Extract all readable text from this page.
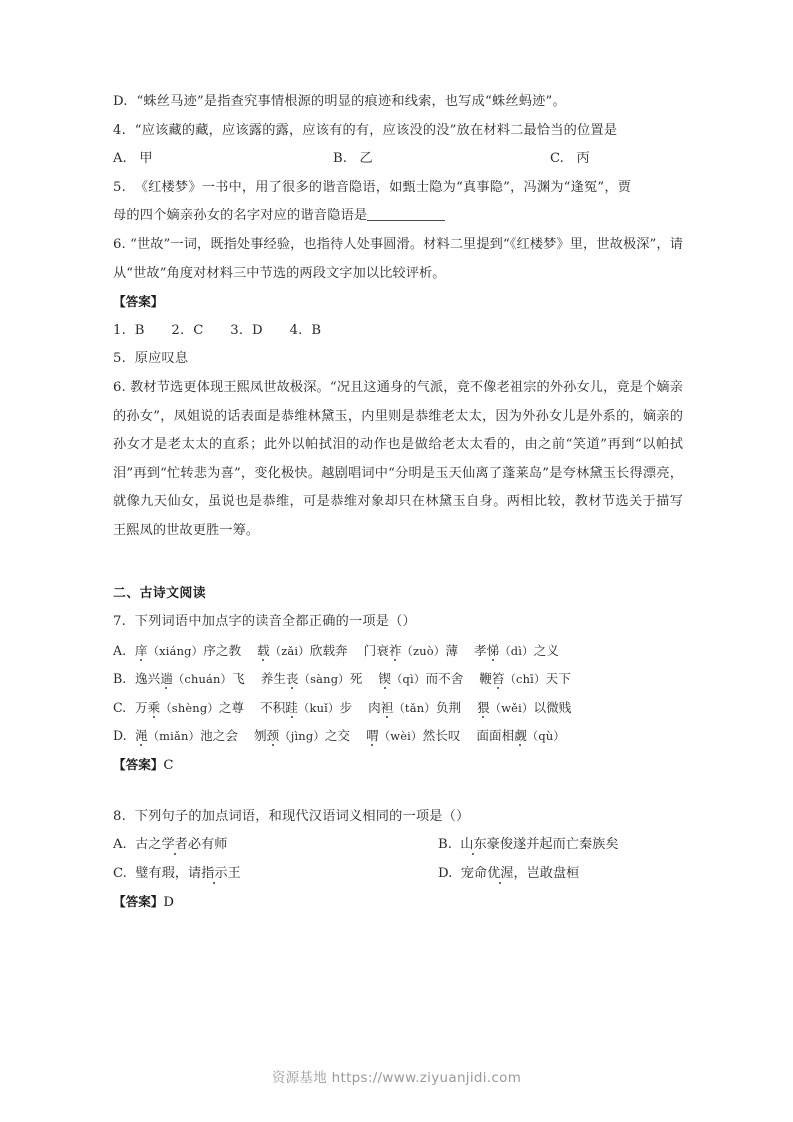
D.  “蛛丝马迹”是指查究事情根源的明显的痕迹和线索，也写成“蛛丝蚂迹”。
4.  “应该藏的藏，应该露的露，应该有的有，应该没的没”放在材料二最恰当的位置是
A. 甲	B. 乙	C. 丙
5.  《红楼梦》一书中，用了很多的谐音隐语，如甄士隐为“真事隐”，冯渊为“逢冤”，贾
母的四个嫡亲孙女的名字对应的谐音隐语是
6. “世故”一词，既指处事经验，也指待人处事圆滑。材料二里提到“《红楼梦》里，世故极深”，请从“世故”角度对材料三中节选的两段文字加以比较评析。
【答案】
1.  B　　2.  C　　3.  D　　4.  B
5.  原应叹息
6. 教材节选更体现王熙凤世故极深。“况且这通身的气派，竟不像老祖宗的外孙女儿，竟是个嫡亲的孙女”，凤姐说的话表面是恭维林黛玉，内里则是恭维老太太，因为外孙女儿是外系的，嫡亲的孙女才是老太太的直系；此外以帕拭泪的动作也是做给老太太看的，由之前“笑道”再到“以帕拭泪”再到“忙转悲为喜”，变化极快。越剧唱词中“分明是玉天仙离了蓬莱岛”是夸林黛玉长得漂亮，就像九天仙女，虽说也是恭维，可是恭维对象却只在林黛玉自身。两相比较，教材节选关于描写王熙凤的世故更胜一筹。
二、古诗文阅读
7.  下列词语中加点字的读音全都正确的一项是（）
A. 庠（xiáng）序之教 载（zǎi）欣载奔 门衰祚（zuò）薄 孝悌（dì）之义
B. 逸兴遄（chuán）飞 养生丧（sàng）死 锲（qì）而不舍 鞭笞（chī）天下
C. 万乘（shèng）之尊 不积跬（kuǐ）步 肉袒（tǎn）负荆 猥（wěi）以微贱
D. 渑（miǎn）池之会 刎颈（jìng）之交 喟（wèi）然长叹 面面相觑（qù）
【答案】C
8.  下列句子的加点词语，和现代汉语词义相同的一项是（）
A. 古之学者必有师	B. 山东豪俊遂并起而亡秦族矣
C. 璧有瑕，请指示王	D. 宠命优渥，岂敢盘桓
【答案】D
资源基地 https://www.ziyuanjidi.com
